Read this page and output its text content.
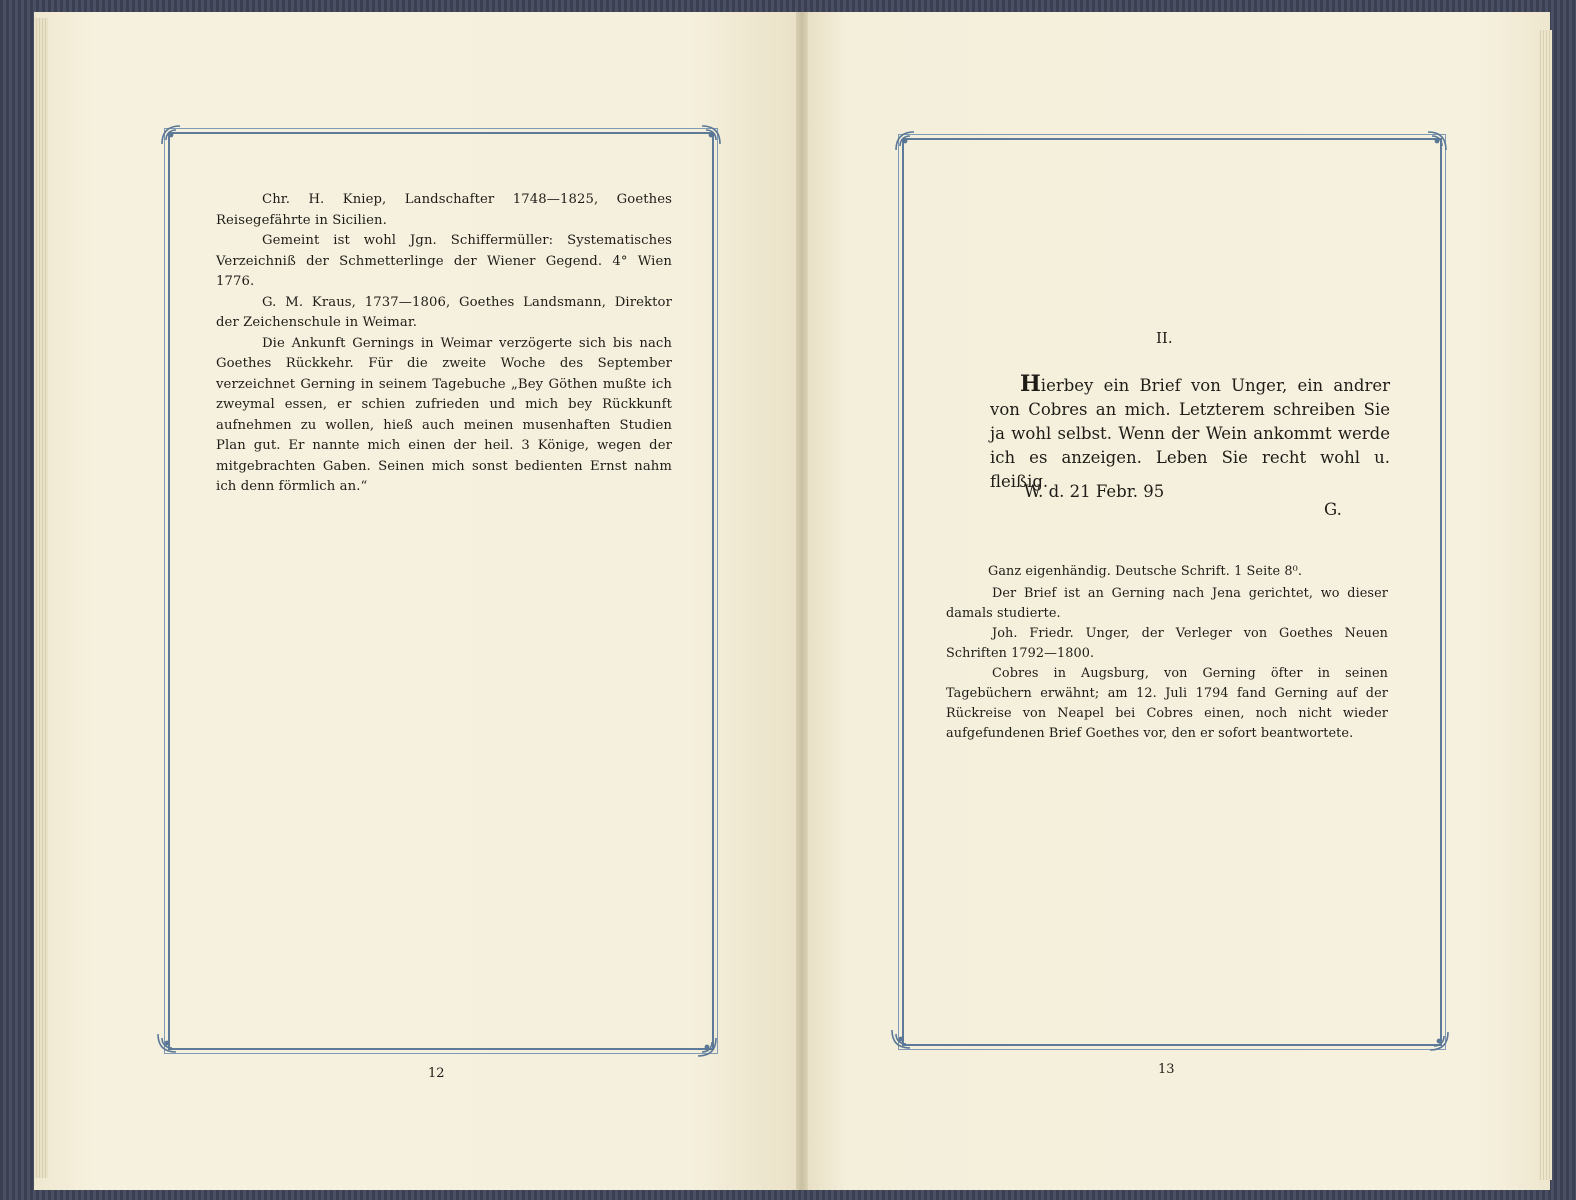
Chr. H. Kniep, Landschafter 1748—1825, Goethes Reisegefährte in Sicilien.

Gemeint ist wohl Jgn. Schiffermüller: Systematisches Verzeichniß der Schmetterlinge der Wiener Gegend. 4° Wien 1776.

G. M. Kraus, 1737—1806, Goethes Landsmann, Direktor der Zeichenschule in Weimar.

Die Ankunft Gernings in Weimar verzögerte sich bis nach Goethes Rückkehr. Für die zweite Woche des September verzeichnet Gerning in seinem Tagebuche „Bey Göthen mußte ich zweymal essen, er schien zufrieden und mich bey Rückkunft aufnehmen zu wollen, hieß auch meinen musenhaften Studien Plan gut. Er nannte mich einen der heil. 3 Könige, wegen der mitgebrachten Gaben. Seinen mich sonst bedienten Ernst nahm ich denn förmlich an.“

12
II.

Hierbey ein Brief von Unger, ein andrer von Cobres an mich. Letzterem schreiben Sie ja wohl selbst. Wenn der Wein ankommt werde ich es anzeigen. Leben Sie recht wohl u. fleißig.

W. d. 21 Febr. 95
G.

Ganz eigenhändig. Deutsche Schrift. 1 Seite 8⁰.

Der Brief ist an Gerning nach Jena gerichtet, wo dieser damals studierte.

Joh. Friedr. Unger, der Verleger von Goethes Neuen Schriften 1792—1800.

Cobres in Augsburg, von Gerning öfter in seinen Tagebüchern erwähnt; am 12. Juli 1794 fand Gerning auf der Rückreise von Neapel bei Cobres einen, noch nicht wieder aufgefundenen Brief Goethes vor, den er sofort beantwortete.

13
